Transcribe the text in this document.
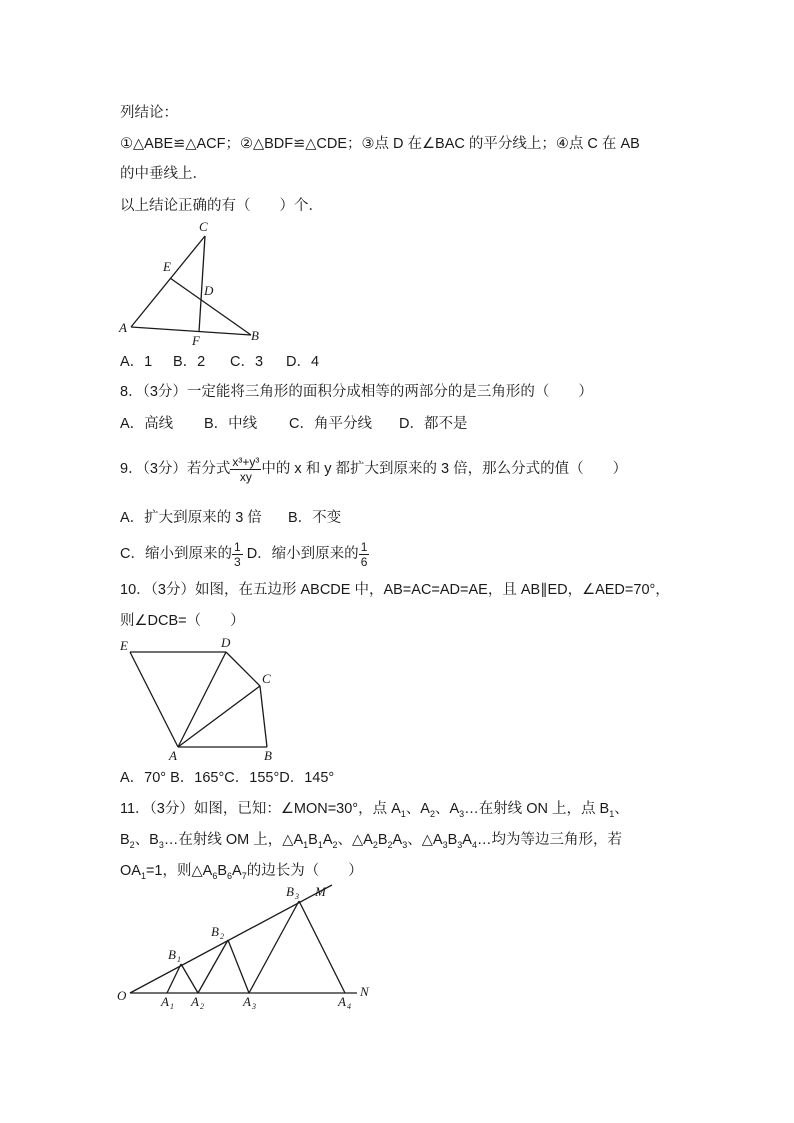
列结论：
①△ABE≌△ACF；②△BDF≌△CDE；③点 D 在∠BAC 的平分线上；④点 C 在 AB
的中垂线上．
以上结论正确的有（　　）个．
C
E
D
A
F	B
A．1 B．2 C．3 D．4
8．（3分）一定能将三角形的面积分成相等的两部分的是三角形的（　　）
A．高线 B．中线 C．角平分线 D．都不是
9．（3分）若分式 $\frac{\text{x³+y³}}{xy}$ 中的 x 和 y 都扩大到原来的 3 倍，那么分式的值（　　）
A．扩大到原来的 3 倍 B．不变
C．缩小到原来的 $\frac{1}{3}$ D．缩小到原来的 $\frac{1}{6}$
10．（3分）如图，在五边形 ABCDE 中，AB=AC=AD=AE，且 AB∥ED，∠AED=70°，
则∠DCB=（　　）
E	D
C
A	B
A．70° B．165°C．155°D．145°
11．（3分）如图，已知：∠MON=30°，点 $A_1$、$A_2$、$A_3\dots$在射线 ON 上，点 $B_1$、
$B_2$、$B_3\dots$在射线 OM 上，$\triangle A_1B_1A_2$、$\triangle A_2B_2A_3$、$\triangle A_3B_3A_4\dots$均为等边三角形，若
$OA_1=1$，则$\triangle A_6B_6A_7$的边长为（　　）
O
M
N
A 1 A 2	A 3	A 4
B 1
B 2
B 3
